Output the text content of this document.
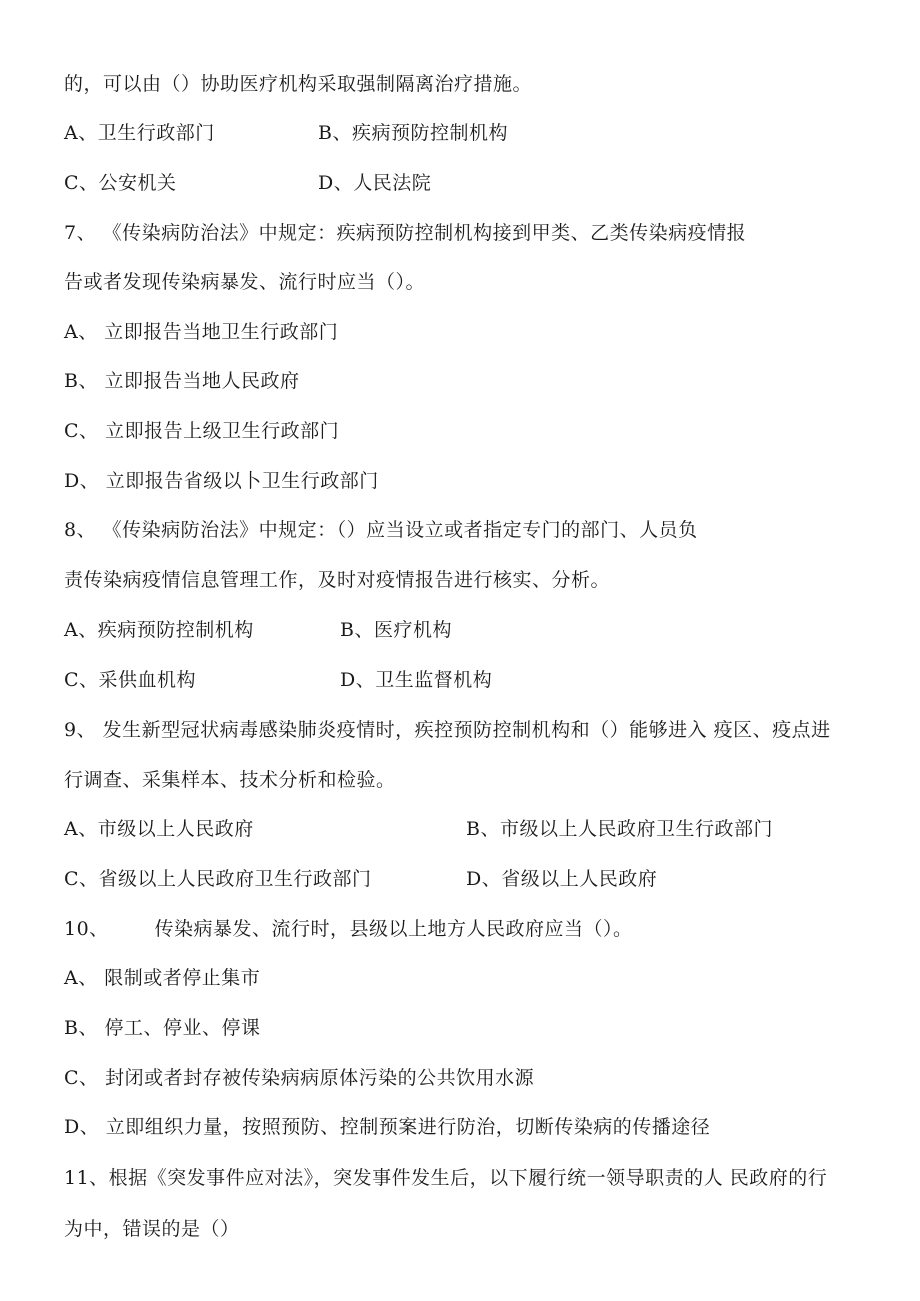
的，可以由（）协助医疗机构采取强制隔离治疗措施。
A、卫生行政部门	B、疾病预防控制机构
C、公安机关	D、人民法院
7、 《传染病防治法》中规定：疾病预防控制机构接到甲类、乙类传染病疫情报
告或者发现传染病暴发、流行时应当（）。
A、 立即报告当地卫生行政部门
B、 立即报告当地人民政府
C、 立即报告上级卫生行政部门
D、 立即报告省级以卜卫生行政部门
8、 《传染病防治法》中规定：（）应当设立或者指定专门的部门、人员负
责传染病疫情信息管理工作，及时对疫情报告进行核实、分析。
A、疾病预防控制机构	B、医疗机构
C、采供血机构	D、卫生监督机构
9、 发生新型冠状病毒感染肺炎疫情时，疾控预防控制机构和（）能够进入 疫区、疫点进
行调查、采集样本、技术分析和检验。
A、市级以上人民政府	B、市级以上人民政府卫生行政部门
C、省级以上人民政府卫生行政部门	D、省级以上人民政府
10、       传染病暴发、流行时，县级以上地方人民政府应当（）。
A、 限制或者停止集市
B、 停工、停业、停课
C、 封闭或者封存被传染病病原体污染的公共饮用水源
D、 立即组织力量，按照预防、控制预案进行防治，切断传染病的传播途径
11、根据《突发事件应对法》，突发事件发生后，以下履行统一领导职责的人 民政府的行
为中，错误的是（）
